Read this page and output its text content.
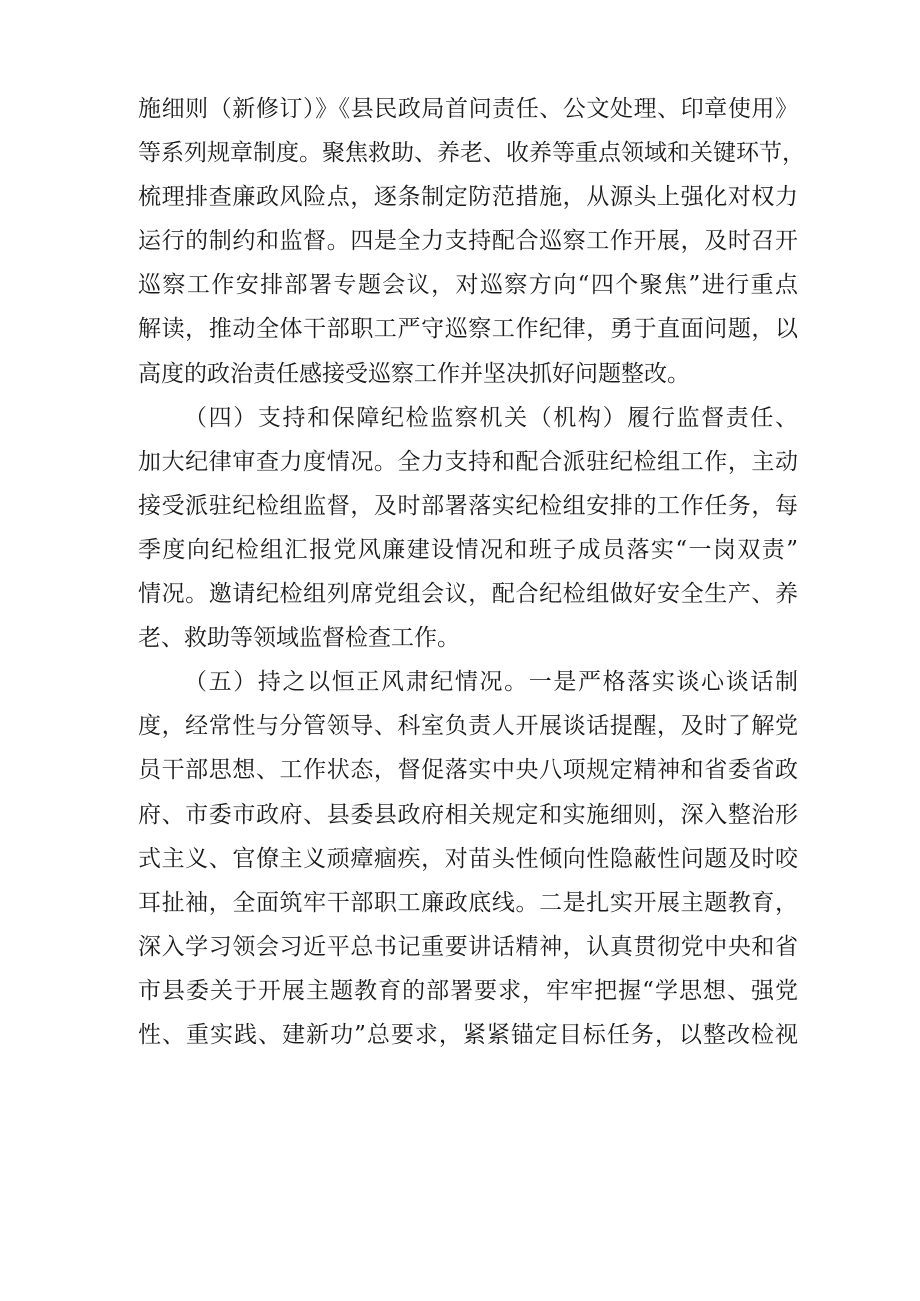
施细则（新修订）》《县民政局首问责任、公文处理、印章使用》
等系列规章制度。聚焦救助、养老、收养等重点领域和关键环节，
梳理排查廉政风险点，逐条制定防范措施，从源头上强化对权力
运行的制约和监督。四是全力支持配合巡察工作开展，及时召开
巡察工作安排部署专题会议，对巡察方向“四个聚焦”进行重点
解读，推动全体干部职工严守巡察工作纪律，勇于直面问题，以
高度的政治责任感接受巡察工作并坚决抓好问题整改。
（四）支持和保障纪检监察机关（机构）履行监督责任、
加大纪律审查力度情况。全力支持和配合派驻纪检组工作，主动
接受派驻纪检组监督，及时部署落实纪检组安排的工作任务，每
季度向纪检组汇报党风廉建设情况和班子成员落实“一岗双责”
情况。邀请纪检组列席党组会议，配合纪检组做好安全生产、养
老、救助等领域监督检查工作。
（五）持之以恒正风肃纪情况。一是严格落实谈心谈话制
度，经常性与分管领导、科室负责人开展谈话提醒，及时了解党
员干部思想、工作状态，督促落实中央八项规定精神和省委省政
府、市委市政府、县委县政府相关规定和实施细则，深入整治形
式主义、官僚主义顽瘴痼疾，对苗头性倾向性隐蔽性问题及时咬
耳扯袖，全面筑牢干部职工廉政底线。二是扎实开展主题教育，
深入学习领会习近平总书记重要讲话精神，认真贯彻党中央和省
市县委关于开展主题教育的部署要求，牢牢把握“学思想、强党
性、重实践、建新功”总要求，紧紧锚定目标任务，以整改检视
